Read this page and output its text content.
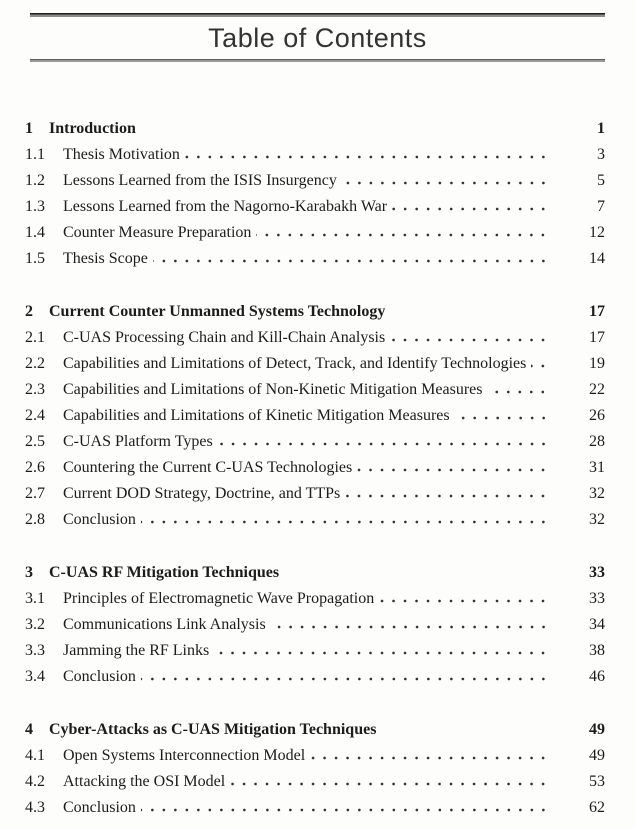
Table of Contents
1	Introduction	1
1.1	Thesis Motivation	3
1.2	Lessons Learned from the ISIS Insurgency	5
1.3	Lessons Learned from the Nagorno-Karabakh War	7
1.4	Counter Measure Preparation	12
1.5	Thesis Scope	14
2	Current Counter Unmanned Systems Technology	17
2.1	C-UAS Processing Chain and Kill-Chain Analysis	17
2.2	Capabilities and Limitations of Detect, Track, and Identify Technologies	19
2.3	Capabilities and Limitations of Non-Kinetic Mitigation Measures	22
2.4	Capabilities and Limitations of Kinetic Mitigation Measures	26
2.5	C-UAS Platform Types	28
2.6	Countering the Current C-UAS Technologies	31
2.7	Current DOD Strategy, Doctrine, and TTPs	32
2.8	Conclusion	32
3	C-UAS RF Mitigation Techniques	33
3.1	Principles of Electromagnetic Wave Propagation	33
3.2	Communications Link Analysis	34
3.3	Jamming the RF Links	38
3.4	Conclusion	46
4	Cyber-Attacks as C-UAS Mitigation Techniques	49
4.1	Open Systems Interconnection Model	49
4.2	Attacking the OSI Model	53
4.3	Conclusion	62
